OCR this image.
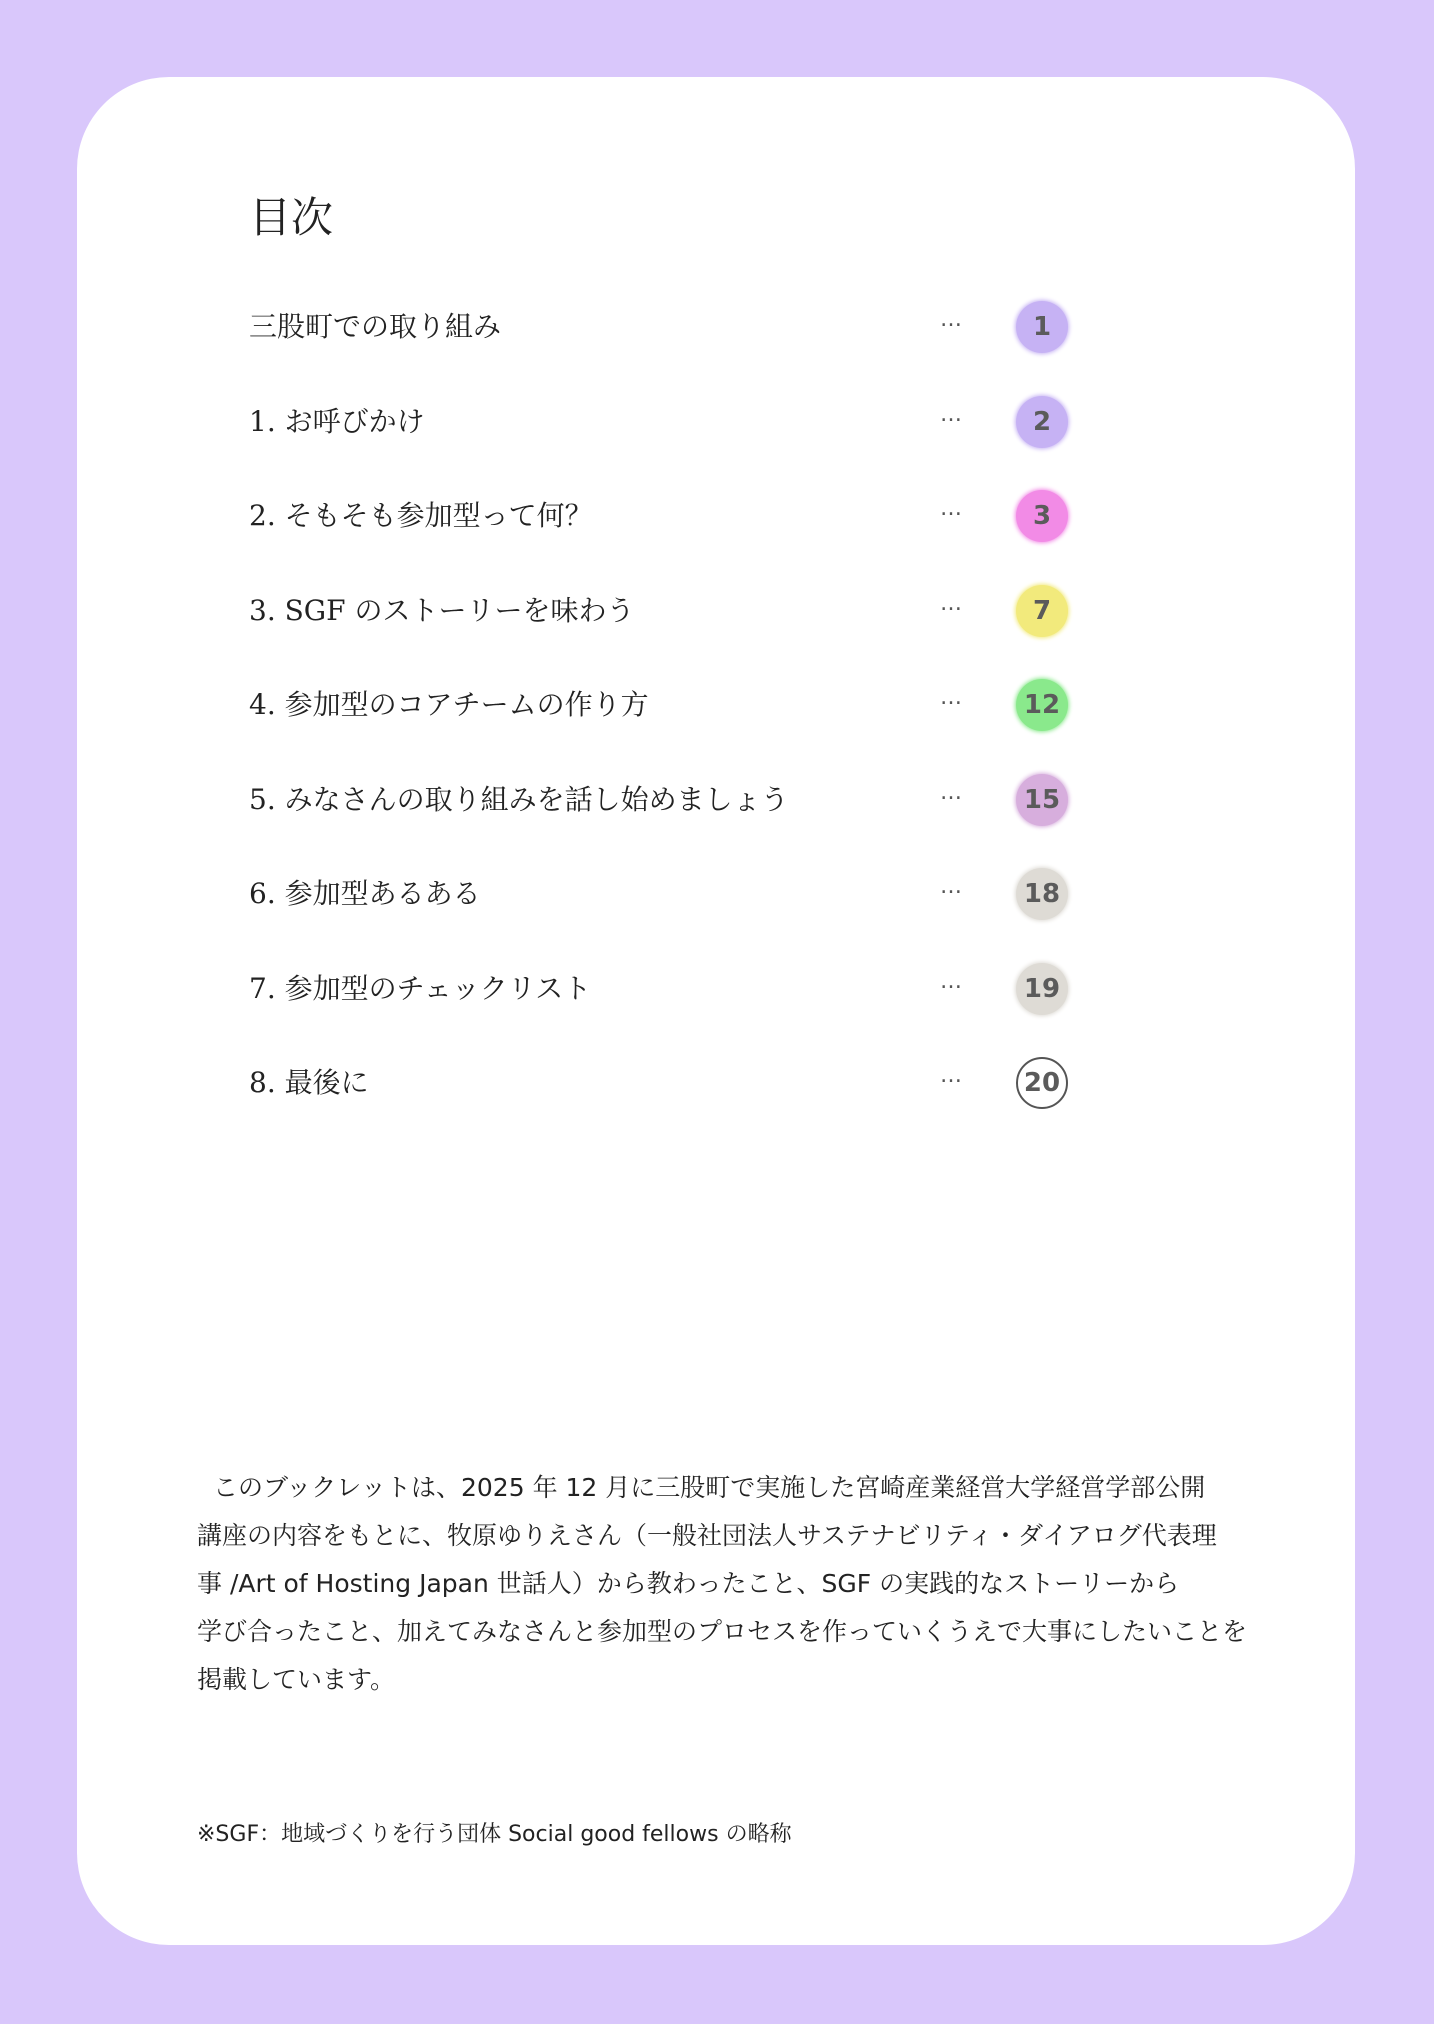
目次
三股町での取り組み	…	1
1. お呼びかけ	…	2
2. そもそも参加型って何？	…	3
3. SGF のストーリーを味わう	…	7
4. 参加型のコアチームの作り方	… 12
5. みなさんの取り組みを話し始めましょう	… 15
6. 参加型あるある	… 18
7. 参加型のチェックリスト	… 19
8. 最後に	… 20
このブックレットは、2025 年 12 月に三股町で実施した宮崎産業経営大学経営学部公開
講座の内容をもとに、牧原ゆりえさん（一般社団法人サステナビリティ・ダイアログ代表理
事 /Art of Hosting Japan 世話人）から教わったこと、SGF の実践的なストーリーから
学び合ったこと、加えてみなさんと参加型のプロセスを作っていくうえで大事にしたいことを
掲載しています。
※SGF：地域づくりを行う団体 Social good fellows の略称
